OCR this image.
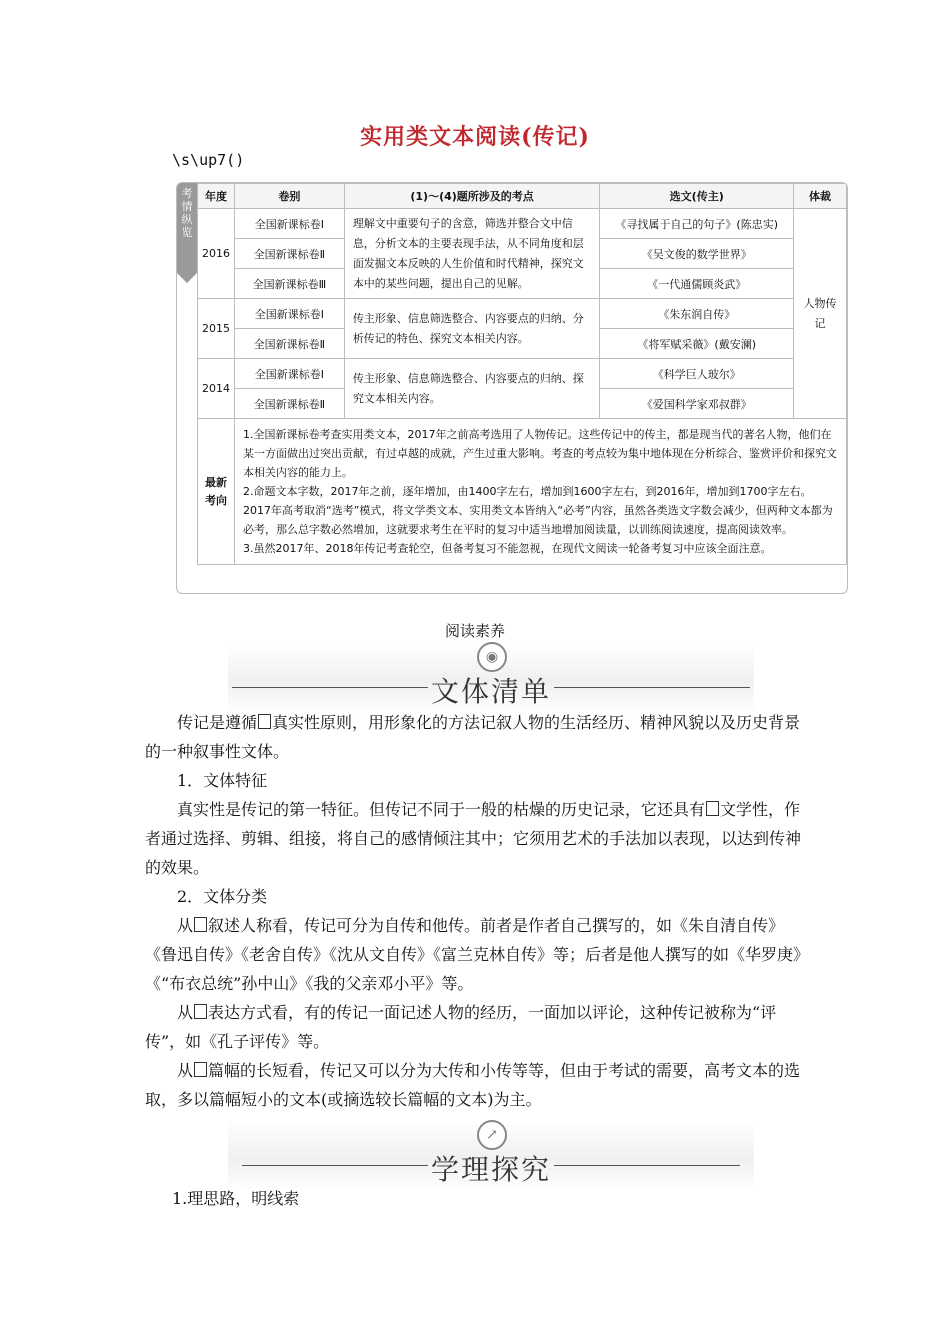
实用类文本阅读(传记)
\s\up7()
考情纵览
年度	卷别	(1)～(4)题所涉及的考点	选文(传主)	体裁
2016	全国新课标卷Ⅰ	理解文中重要句子的含意，筛选并整合文中信息，分析文本的主要表现手法，从不同角度和层面发掘文本反映的人生价值和时代精神，探究文本中的某些问题，提出自己的见解。	《寻找属于自己的句子》(陈忠实)	人物传记
	全国新课标卷Ⅱ		《吴文俊的数学世界》	
	全国新课标卷Ⅲ		《一代通儒顾炎武》	
2015	全国新课标卷Ⅰ	传主形象、信息筛选整合、内容要点的归纳、分析传记的特色、探究文本相关内容。	《朱东润自传》	
	全国新课标卷Ⅱ		《将军赋采薇》(戴安澜)	
2014	全国新课标卷Ⅰ	传主形象、信息筛选整合、内容要点的归纳、探究文本相关内容。	《科学巨人玻尔》	
	全国新课标卷Ⅱ		《爱国科学家邓叔群》	
最新考向	1.全国新课标卷考查实用类文本，2017年之前高考选用了人物传记。这些传记中的传主，都是现当代的著名人物，他们在某一方面做出过突出贡献，有过卓越的成就，产生过重大影响。考查的考点较为集中地体现在分析综合、鉴赏评价和探究文本相关内容的能力上。

2.命题文本字数，2017年之前，逐年增加，由1400字左右，增加到1600字左右，到2016年，增加到1700字左右。2017年高考取消“选考”模式，将文学类文本、实用类文本皆纳入“必考”内容，虽然各类选文字数会减少，但两种文本都为必考，那么总字数必然增加，这就要求考生在平时的复习中适当地增加阅读量，以训练阅读速度，提高阅读效率。

3.虽然2017年、2018年传记考查轮空，但备考复习不能忽视，在现代文阅读一轮备考复习中应该全面注意。			

阅读素养
◉
文体清单

传记是遵循 真实性原则，用形象化的方法记叙人物的生活经历、精神风貌以及历史背景的一种叙事性文体。

1．文体特征

真实性是传记的第一特征。但传记不同于一般的枯燥的历史记录，它还具有 文学性，作者通过选择、剪辑、组接，将自己的感情倾注其中；它须用艺术的手法加以表现，以达到传神的效果。

2．文体分类

从 叙述人称看，传记可分为自传和他传。前者是作者自己撰写的，如《朱自清自传》《鲁迅自传》《老舍自传》《沈从文自传》《富兰克林自传》等；后者是他人撰写的如《华罗庚》《“布衣总统”孙中山》《我的父亲邓小平》等。

从 表达方式看，有的传记一面记述人物的经历，一面加以评论，这种传记被称为“评传”，如《孔子评传》等。

从 篇幅的长短看，传记又可以分为大传和小传等等，但由于考试的需要，高考文本的选取，多以篇幅短小的文本(或摘选较长篇幅的文本)为主。

↗
学理探究
1.理思路，明线索
